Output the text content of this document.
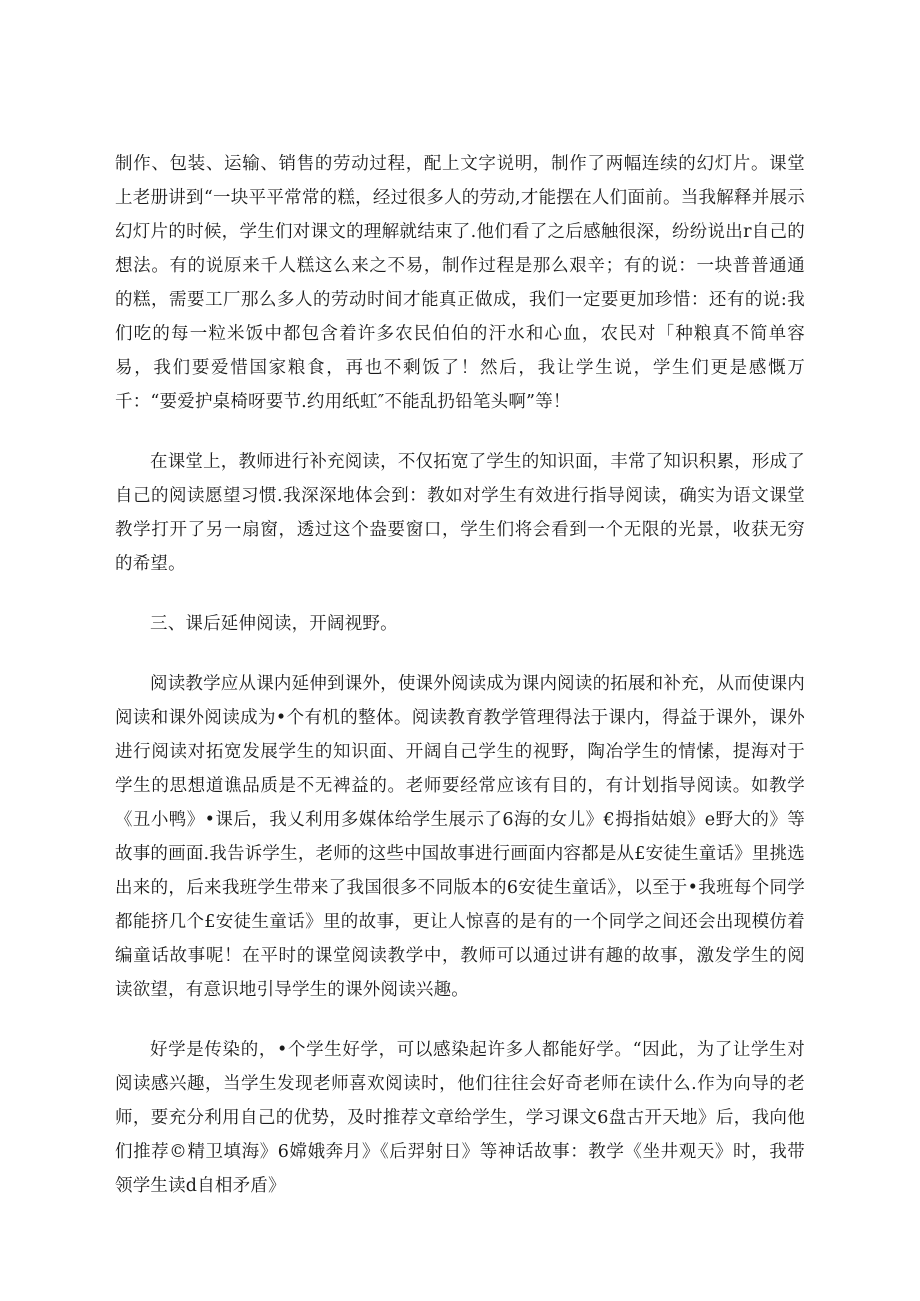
制作、包装、运输、销售的劳动过程，配上文字说明，制作了两幅连续的幻灯片。课堂上老册讲到“一块平平常常的糕，经过很多人的劳动,才能摆在人们面前。当我解释并展示幻灯片的时候，学生们对课文的理解就结束了.他们看了之后感触很深，纷纷说出r自己的想法。有的说原来千人糕这么来之不易，制作过程是那么艰辛；有的说：一块普普通通的糕，需要工厂那么多人的劳动时间才能真正做成，我们一定要更加珍惜：还有的说:我们吃的每一粒米饭中都包含着许多农民伯伯的汗水和心血，农民对「种粮真不简单容易，我们要爱惜国家粮食，再也不剩饭了！然后，我让学生说，学生们更是感慨万千：“要爱护桌椅呀要节.约用纸虹″不能乱扔铅笔头啊”等！

在课堂上，教师进行补充阅读，不仅拓宽了学生的知识面，丰常了知识积累，形成了自己的阅读愿望习惯.我深深地体会到：教如对学生有效进行指导阅读，确实为语文课堂教学打开了另一扇窗，透过这个盎要窗口，学生们将会看到一个无限的光景，收获无穷的希望。

三、课后延伸阅读，开阔视野。

阅读教学应从课内延伸到课外，使课外阅读成为课内阅读的拓展和补充，从而使课内阅读和课外阅读成为•个有机的整体。阅读教育教学管理得法于课内，得益于课外，课外进行阅读对拓宽发展学生的知识面、开阔自己学生的视野，陶冶学生的情愫，提海对于学生的思想道谯品质是不无裨益的。老师要经常应该有目的，有计划指导阅读。如教学《丑小鸭》•课后，我乂利用多媒体给学生展示了6海的女儿》€拇指姑娘》e野大的》等故事的画面.我告诉学生，老师的这些中国故事进行画面内容都是从£安徒生童话》里挑选出来的，后来我班学生带来了我国很多不同版本的6安徒生童话》，以至于•我班每个同学都能挤几个£安徒生童话》里的故事，更让人惊喜的是有的一个同学之间还会出现模仿着编童话故事呢！在平时的课堂阅读教学中，教师可以通过讲有趣的故事，激发学生的阅读欲望，有意识地引导学生的课外阅读兴趣。

好学是传染的，•个学生好学，可以感染起许多人都能好学。“因此，为了让学生对阅读感兴趣，当学生发现老师喜欢阅读时，他们往往会好奇老师在读什么.作为向导的老师，要充分利用自己的优势，及时推荐文章给学生，学习课文6盘古开天地》后，我向他们推荐©精卫填海》6嫦娥奔月》《后羿射日》等神话故事：教学《坐井观天》时，我带领学生读d自相矛盾》
